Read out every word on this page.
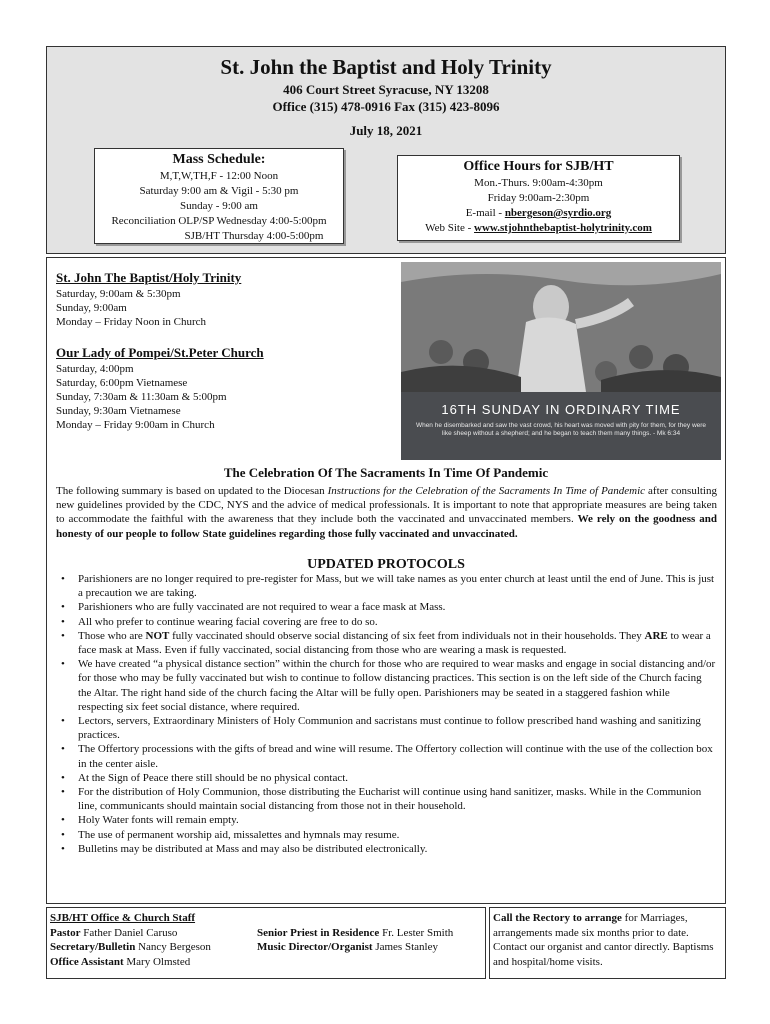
St. John the Baptist and Holy Trinity
406 Court Street Syracuse, NY 13208
Office (315) 478-0916 Fax (315) 423-8096
July 18, 2021
Mass Schedule:
M,T,W,TH,F - 12:00 Noon
Saturday 9:00 am & Vigil - 5:30 pm
Sunday - 9:00 am
Reconciliation OLP/SP Wednesday 4:00-5:00pm
SJB/HT Thursday 4:00-5:00pm
Office Hours for SJB/HT
Mon.-Thurs. 9:00am-4:30pm
Friday 9:00am-2:30pm
E-mail - nbergeson@syrdio.org
Web Site - www.stjohnthebaptist-holytrinity.com
St. John The Baptist/Holy Trinity
Saturday, 9:00am & 5:30pm
Sunday, 9:00am
Monday – Friday Noon in Church
Our Lady of Pompei/St.Peter Church
Saturday, 4:00pm
Saturday, 6:00pm Vietnamese
Sunday, 7:30am & 11:30am & 5:00pm
Sunday, 9:30am Vietnamese
Monday – Friday 9:00am in Church
16TH SUNDAY IN ORDINARY TIME
When he disembarked and saw the vast crowd, his heart was moved with pity for them, for they were like sheep without a shepherd; and he began to teach them many things. - Mk 6:34
The Celebration Of The Sacraments In Time Of Pandemic
The following summary is based on updated to the Diocesan Instructions for the Celebration of the Sacraments In Time of Pandemic after consulting new guidelines provided by the CDC, NYS and the advice of medical professionals. It is important to note that appropriate measures are being taken to accommodate the faithful with the awareness that they include both the vaccinated and unvaccinated members. We rely on the goodness and honesty of our people to follow State guidelines regarding those fully vaccinated and unvaccinated.
UPDATED PROTOCOLS
• Parishioners are no longer required to pre-register for Mass, but we will take names as you enter church at least until the end of June. This is just a precaution we are taking.
• Parishioners who are fully vaccinated are not required to wear a face mask at Mass.
• All who prefer to continue wearing facial covering are free to do so.
• Those who are NOT fully vaccinated should observe social distancing of six feet from individuals not in their households. They ARE to wear a face mask at Mass. Even if fully vaccinated, social distancing from those who are wearing a mask is requested.
• We have created “a physical distance section” within the church for those who are required to wear masks and engage in social distancing and/or for those who may be fully vaccinated but wish to continue to follow distancing practices. This section is on the left side of the Church facing the Altar. The right hand side of the church facing the Altar will be fully open. Parishioners may be seated in a staggered fashion while respecting six feet social distance, where required.
• Lectors, servers, Extraordinary Ministers of Holy Communion and sacristans must continue to follow prescribed hand washing and sanitizing practices.
• The Offertory processions with the gifts of bread and wine will resume. The Offertory collection will continue with the use of the collection box in the center aisle.
• At the Sign of Peace there still should be no physical contact.
• For the distribution of Holy Communion, those distributing the Eucharist will continue using hand sanitizer, masks. While in the Communion line, communicants should maintain social distancing from those not in their household.
• Holy Water fonts will remain empty.
• The use of permanent worship aid, missalettes and hymnals may resume.
• Bulletins may be distributed at Mass and may also be distributed electronically.
SJB/HT Office & Church Staff
Pastor Father Daniel Caruso
Secretary/Bulletin Nancy Bergeson
Office Assistant Mary Olmsted
Senior Priest in Residence Fr. Lester Smith
Music Director/Organist James Stanley
Call the Rectory to arrange for Marriages, arrangements made six months prior to date. Contact our organist and cantor directly. Baptisms and hospital/home visits.
